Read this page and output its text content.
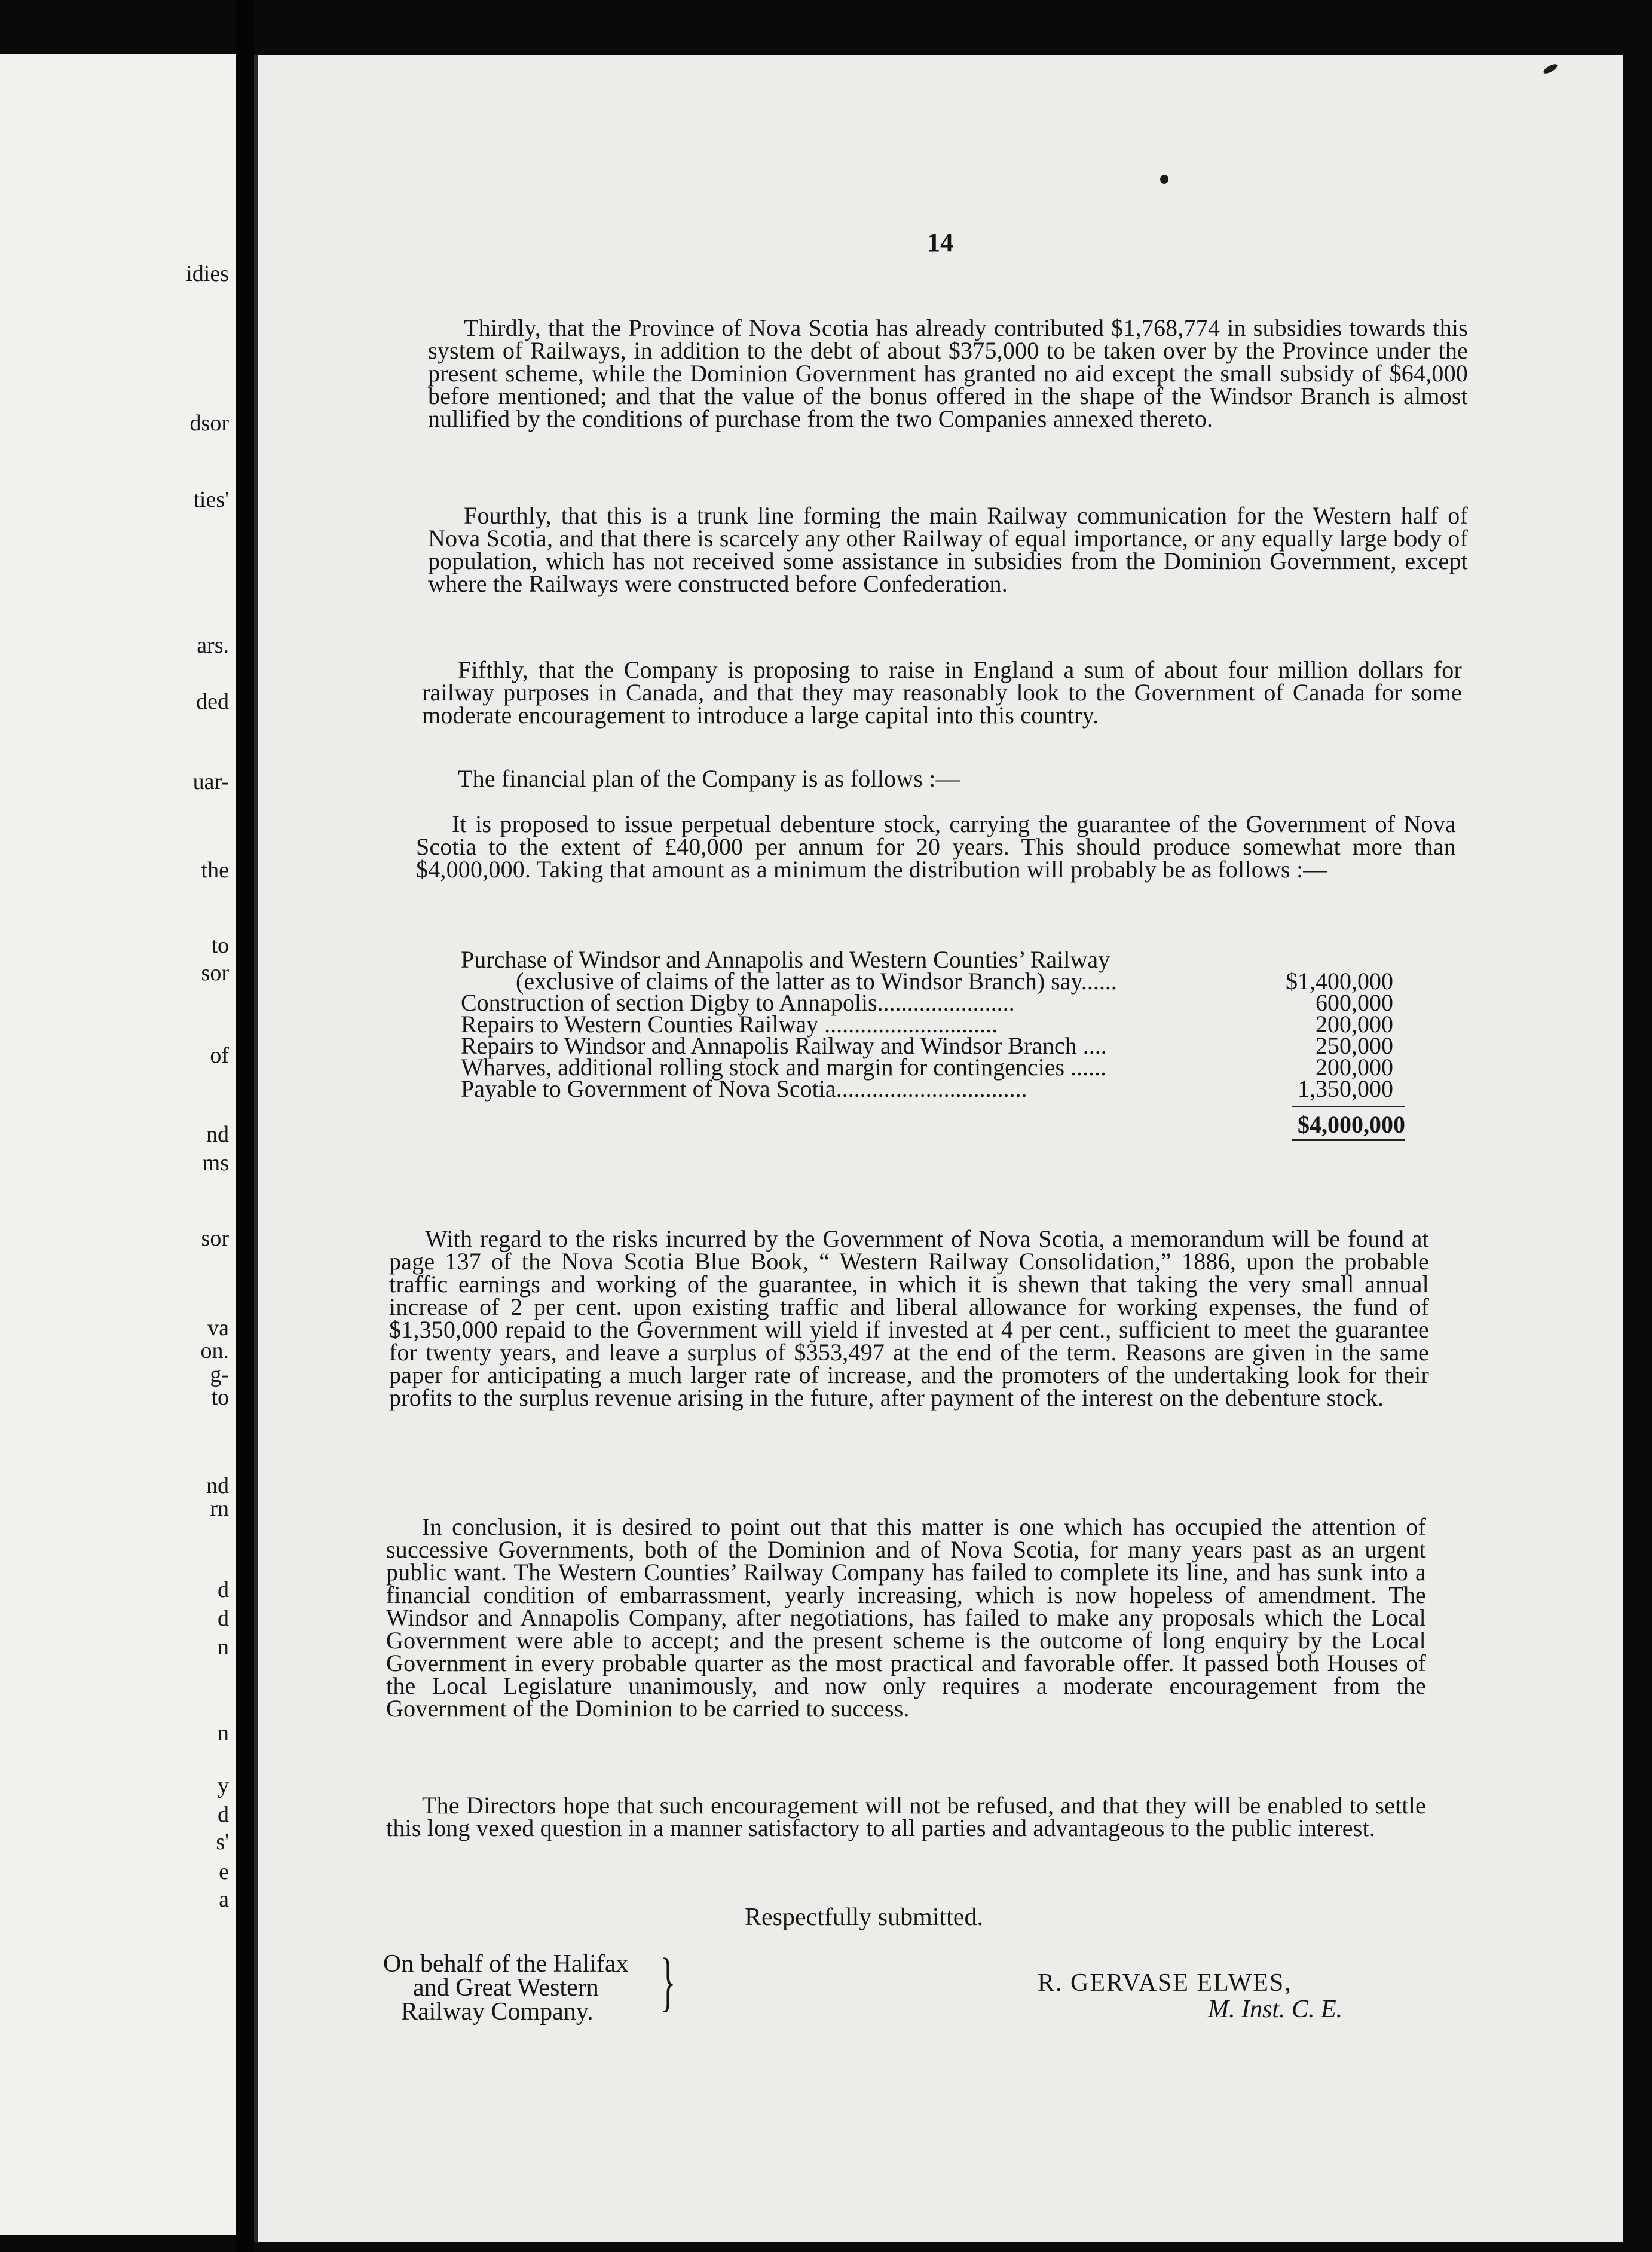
idies

dsor

ties'

ars.

ded

uar-

the

to

sor

of

nd

ms

sor

va

on.

g-

to

nd

rn

d

d

n

n

y

d

s'

e

a

14

Thirdly, that the Province of Nova Scotia has already contributed $1,768,774 in subsidies towards this system of Railways, in addition to the debt of about $375,000 to be taken over by the Province under the present scheme, while the Dominion Government has granted no aid except the small subsidy of $64,000 before mentioned; and that the value of the bonus offered in the shape of the Windsor Branch is almost nullified by the conditions of purchase from the two Companies annexed thereto.

Fourthly, that this is a trunk line forming the main Railway communication for the Western half of Nova Scotia, and that there is scarcely any other Railway of equal importance, or any equally large body of population, which has not received some assistance in subsidies from the Dominion Government, except where the Railways were constructed before Confederation.

Fifthly, that the Company is proposing to raise in England a sum of about four million dollars for railway purposes in Canada, and that they may reasonably look to the Government of Canada for some moderate encouragement to introduce a large capital into this country.

The financial plan of the Company is as follows :—

It is proposed to issue perpetual debenture stock, carrying the guarantee of the Government of Nova Scotia to the extent of £40,000 per annum for 20 years. This should produce somewhat more than $4,000,000. Taking that amount as a minimum the distribution will probably be as follows :—

Purchase of Windsor and Annapolis and Western Counties’ Railway
(exclusive of claims of the latter as to Windsor Branch) say......	$1,400,000
Construction of section Digby to Annapolis.......................	600,000
Repairs to Western Counties Railway .............................	200,000
Repairs to Windsor and Annapolis Railway and Windsor Branch ....	250,000
Wharves, additional rolling stock and margin for contingencies ......	200,000
Payable to Government of Nova Scotia................................	1,350,000
$4,000,000

With regard to the risks incurred by the Government of Nova Scotia, a memorandum will be found at page 137 of the Nova Scotia Blue Book, “ Western Railway Consolidation,” 1886, upon the probable traffic earnings and working of the guarantee, in which it is shewn that taking the very small annual increase of 2 per cent. upon existing traffic and liberal allowance for working expenses, the fund of $1,350,000 repaid to the Government will yield if invested at 4 per cent., sufficient to meet the guarantee for twenty years, and leave a surplus of $353,497 at the end of the term. Reasons are given in the same paper for anticipating a much larger rate of increase, and the promoters of the undertaking look for their profits to the surplus revenue arising in the future, after payment of the interest on the debenture stock.

In conclusion, it is desired to point out that this matter is one which has occupied the attention of successive Governments, both of the Dominion and of Nova Scotia, for many years past as an urgent public want. The Western Counties’ Railway Company has failed to complete its line, and has sunk into a financial condition of embarrassment, yearly increasing, which is now hopeless of amendment. The Windsor and Annapolis Company, after negotiations, has failed to make any proposals which the Local Government were able to accept; and the present scheme is the outcome of long enquiry by the Local Government in every probable quarter as the most practical and favorable offer. It passed both Houses of the Local Legislature unanimously, and now only requires a moderate encouragement from the Government of the Dominion to be carried to success.

The Directors hope that such encouragement will not be refused, and that they will be enabled to settle this long vexed question in a manner satisfactory to all parties and advantageous to the public interest.

Respectfully submitted.

On behalf of the Halifax

and Great Western

Railway Company. }	R. GERVASE ELWES,

M. Inst. C. E.
